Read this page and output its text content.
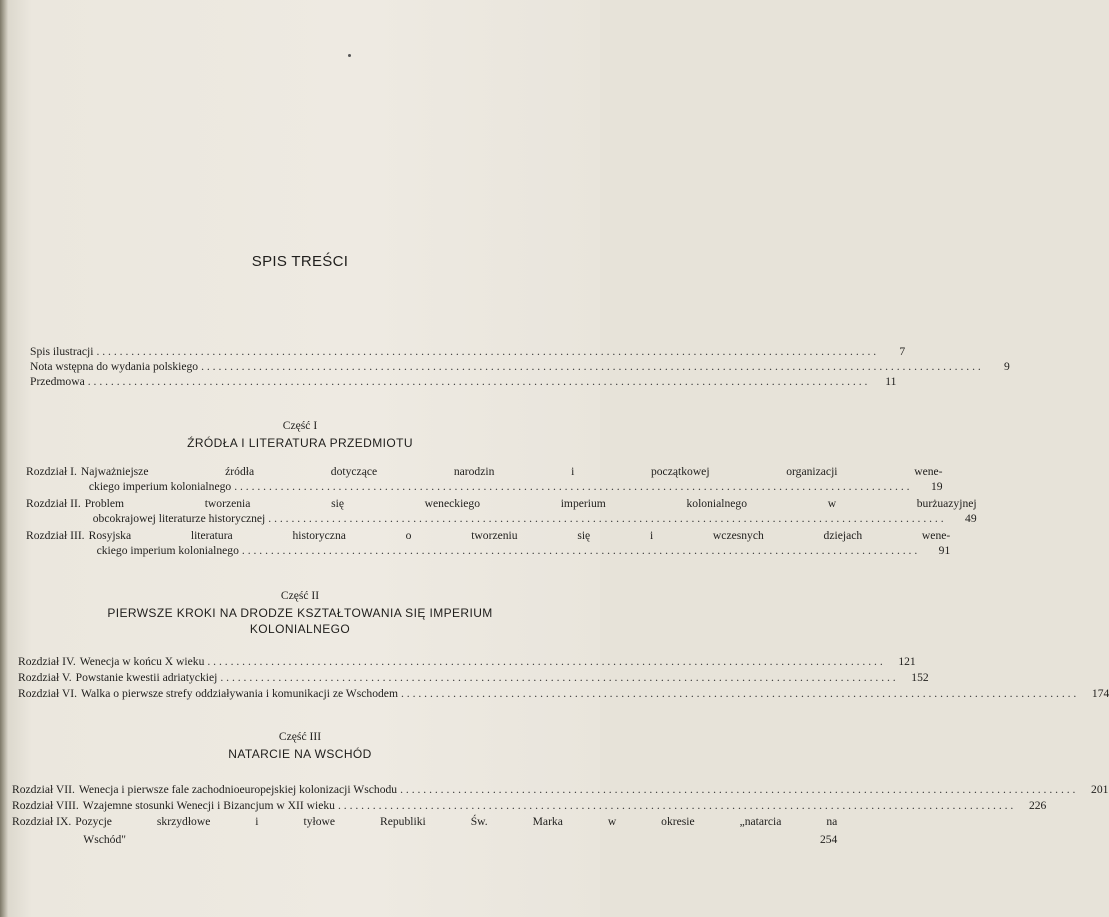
SPIS TREŚCI
Spis ilustracji . . .	7
Nota wstępna do wydania polskiego . . .	9
Przedmowa . . .	11
Część I
ŹRÓDŁA I LITERATURA PRZEDMIOTU
Rozdział I. Najważniejsze źródła dotyczące narodzin i początkowej organizacji wene-
ckiego imperium kolonialnego . . .	19
Rozdział II. Problem tworzenia się weneckiego imperium kolonialnego w burżuazyjnej
obcokrajowej literaturze historycznej . . .	49
Rozdział III. Rosyjska literatura historyczna o tworzeniu się i wczesnych dziejach wene-
ckiego imperium kolonialnego . . .	91
Część II
PIERWSZE KROKI NA DRODZE KSZTAŁTOWANIA SIĘ IMPERIUM
KOLONIALNEGO
Rozdział IV. Wenecja w końcu X wieku . . .	121
Rozdział V. Powstanie kwestii adriatyckiej . . .	152
Rozdział VI. Walka o pierwsze strefy oddziaływania i komunikacji ze Wschodem . . .	174
Część III
NATARCIE NA WSCHÓD
Rozdział VII. Wenecja i pierwsze fale zachodnioeuropejskiej kolonizacji Wschodu . . .	201
Rozdział VIII. Wzajemne stosunki Wenecji i Bizancjum w XII wieku . . .	226
Rozdział IX. Pozycje skrzydłowe i tyłowe Republiki Św. Marka w okresie „natarcia na
Wschód"	254
